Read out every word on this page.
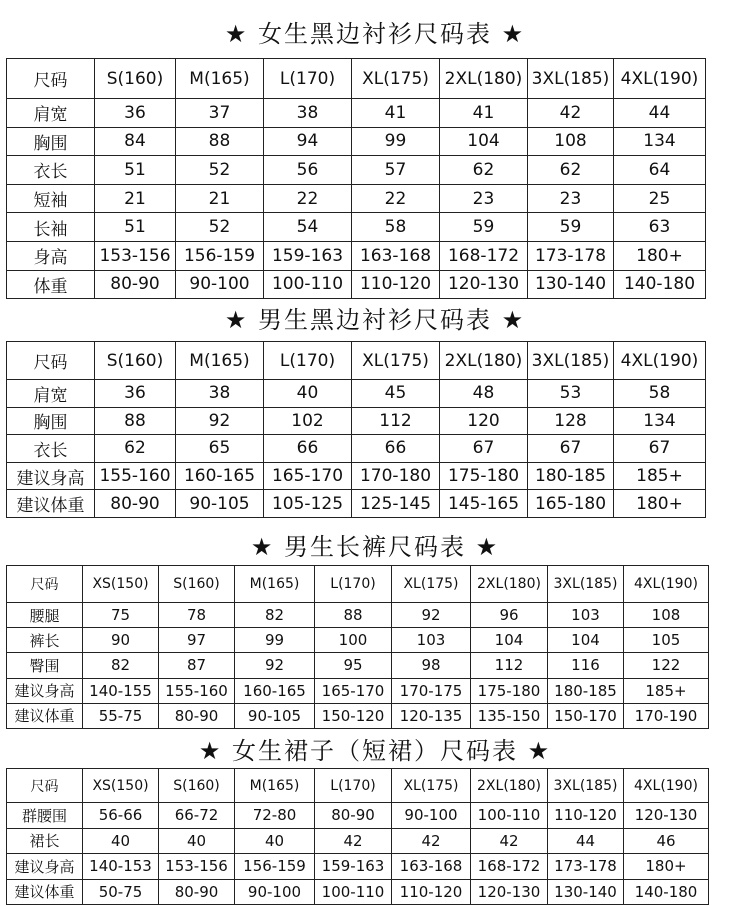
★ 女生黑边衬衫尺码表 ★
尺码	S(160)	M(165)	L(170)	XL(175)	2XL(180)	3XL(185)	4XL(190)
肩宽	36	37	38	41	41	42	44
胸围	84	88	94	99	104	108	134
衣长	51	52	56	57	62	62	64
短袖	21	21	22	22	23	23	25
长袖	51	52	54	58	59	59	63
身高	153-156	156-159	159-163	163-168	168-172	173-178	180+
体重	80-90	90-100	100-110	110-120	120-130	130-140	140-180
★ 男生黑边衬衫尺码表 ★
尺码	S(160)	M(165)	L(170)	XL(175)	2XL(180)	3XL(185)	4XL(190)
肩宽	36	38	40	45	48	53	58
胸围	88	92	102	112	120	128	134
衣长	62	65	66	66	67	67	67
建议身高	155-160	160-165	165-170	170-180	175-180	180-185	185+
建议体重	80-90	90-105	105-125	125-145	145-165	165-180	180+
★ 男生长裤尺码表 ★
尺码	XS(150)	S(160)	M(165)	L(170)	XL(175)	2XL(180)	3XL(185)	4XL(190)
腰腿	75	78	82	88	92	96	103	108
裤长	90	97	99	100	103	104	104	105
臀围	82	87	92	95	98	112	116	122
建议身高	140-155	155-160	160-165	165-170	170-175	175-180	180-185	185+
建议体重	55-75	80-90	90-105	150-120	120-135	135-150	150-170	170-190
★ 女生裙子（短裙）尺码表 ★
尺码	XS(150)	S(160)	M(165)	L(170)	XL(175)	2XL(180)	3XL(185)	4XL(190)
群腰围	56-66	66-72	72-80	80-90	90-100	100-110	110-120	120-130
裙长	40	40	40	42	42	42	44	46
建议身高	140-153	153-156	156-159	159-163	163-168	168-172	173-178	180+
建议体重	50-75	80-90	90-100	100-110	110-120	120-130	130-140	140-180
